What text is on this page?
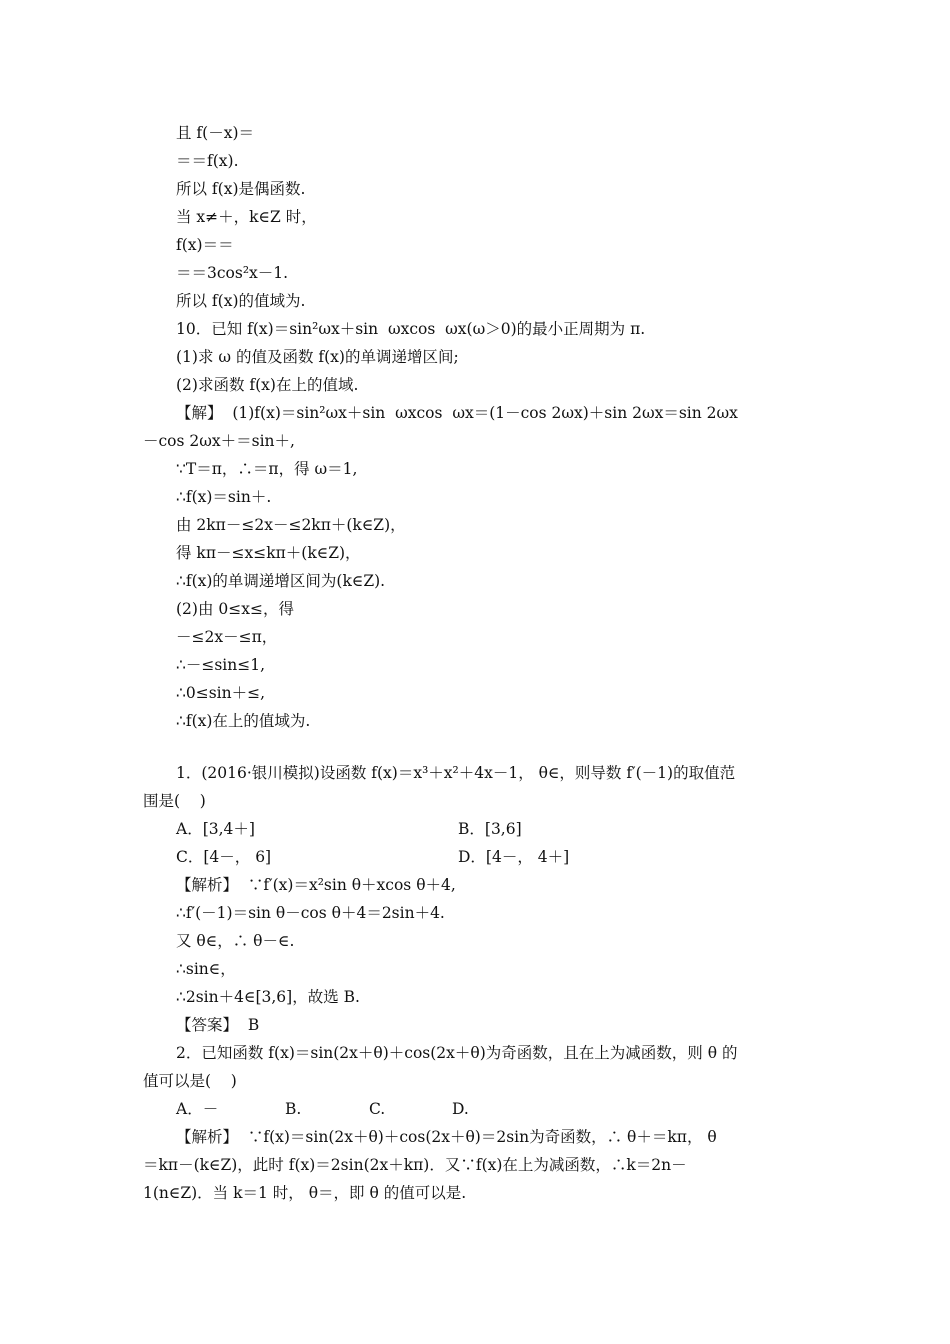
且 f(－x)＝
＝＝f(x).
所以 f(x)是偶函数.
当 x≠＋，k∈Z 时，
f(x)＝＝
＝＝3cos²x－1.
所以 f(x)的值域为.
10．已知 f(x)＝sin²ωx＋sin  ωxcos  ωx(ω＞0)的最小正周期为 π.
(1)求 ω 的值及函数 f(x)的单调递增区间;
(2)求函数 f(x)在上的值域.
【解】  (1)f(x)＝sin²ωx＋sin  ωxcos  ωx＝(1－cos 2ωx)＋sin 2ωx＝sin 2ωx
－cos 2ωx＋＝sin＋,
∵T＝π，∴＝π，得 ω＝1,
∴f(x)＝sin＋.
由 2kπ－≤2x－≤2kπ＋(k∈Z)，
得 kπ－≤x≤kπ＋(k∈Z)，
∴f(x)的单调递增区间为(k∈Z).
(2)由 0≤x≤，得
－≤2x－≤π，
∴－≤sin≤1,
∴0≤sin＋≤,
∴f(x)在上的值域为.
1．(2016·银川模拟)设函数 f(x)＝x³＋x²＋4x－1， θ∈，则导数 f′(－1)的取值范
围是(    )
A．[3,4＋]	B．[3,6]
C．[4－， 6]	D．[4－， 4＋]
【解析】  ∵f′(x)＝x²sin θ＋xcos θ＋4,
∴f′(－1)＝sin θ－cos θ＋4＝2sin＋4.
又 θ∈，∴ θ－∈.
∴sin∈，
∴2sin＋4∈[3,6]，故选 B.
【答案】  B
2．已知函数 f(x)＝sin(2x＋θ)＋cos(2x＋θ)为奇函数，且在上为减函数，则 θ 的
值可以是(    )
A．－	B.	C.	D.
【解析】  ∵f(x)＝sin(2x＋θ)＋cos(2x＋θ)＝2sin为奇函数，∴ θ＋＝kπ， θ
＝kπ－(k∈Z)，此时 f(x)＝2sin(2x＋kπ)．又∵f(x)在上为减函数，∴k＝2n－
1(n∈Z)．当 k＝1 时， θ＝，即 θ 的值可以是.
